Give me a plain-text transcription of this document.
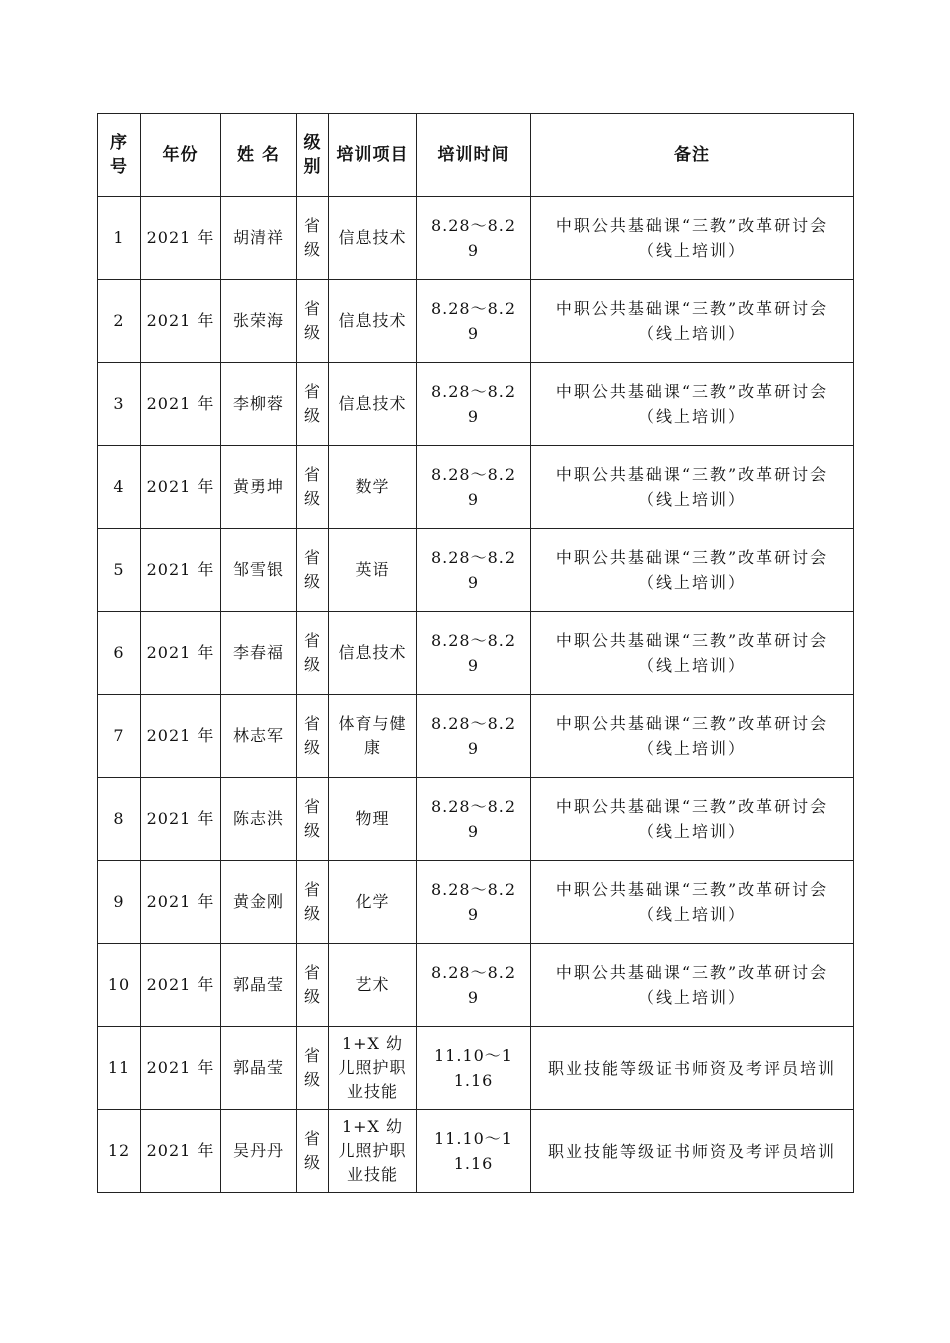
序号	年份	姓 名	级别	培训项目	培训时间	备注
1	2021 年	胡清祥	省级	信息技术	8.28～8.29	中职公共基础课“三教”改革研讨会（线上培训）
2	2021 年	张荣海	省级	信息技术	8.28～8.29	中职公共基础课“三教”改革研讨会（线上培训）
3	2021 年	李柳蓉	省级	信息技术	8.28～8.29	中职公共基础课“三教”改革研讨会（线上培训）
4	2021 年	黄勇坤	省级	数学	8.28～8.29	中职公共基础课“三教”改革研讨会（线上培训）
5	2021 年	邹雪银	省级	英语	8.28～8.29	中职公共基础课“三教”改革研讨会（线上培训）
6	2021 年	李春福	省级	信息技术	8.28～8.29	中职公共基础课“三教”改革研讨会（线上培训）
7	2021 年	林志军	省级	体育与健康	8.28～8.29	中职公共基础课“三教”改革研讨会（线上培训）
8	2021 年	陈志洪	省级	物理	8.28～8.29	中职公共基础课“三教”改革研讨会（线上培训）
9	2021 年	黄金刚	省级	化学	8.28～8.29	中职公共基础课“三教”改革研讨会（线上培训）
10	2021 年	郭晶莹	省级	艺术	8.28～8.29	中职公共基础课“三教”改革研讨会（线上培训）
11	2021 年	郭晶莹	省级	1+X 幼儿照护职业技能	11.10～11.16	职业技能等级证书师资及考评员培训
12	2021 年	吴丹丹	省级	1+X 幼儿照护职业技能	11.10～11.16	职业技能等级证书师资及考评员培训
